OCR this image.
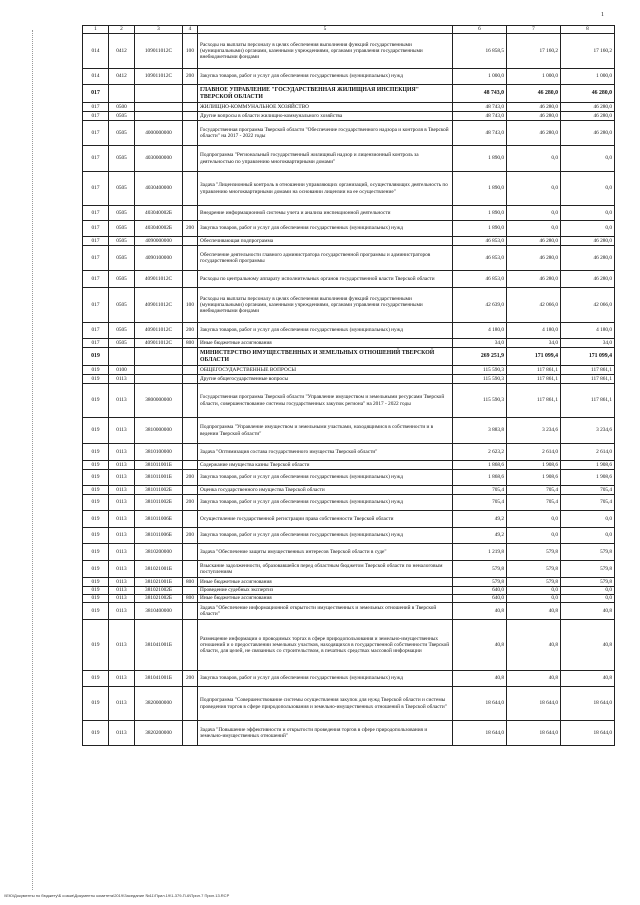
1
1	2	3	4	5	6	7	8
014	0412	109011012С	100	Расходы на выплаты персоналу в целях обеспечения выполнения функций государственными (муниципальными) органами, казенными учреждениями, органами управления государственными внебюджетными фондами	16 858,5	17 160,2	17 160,2
014	0412	109011012С	200	Закупка товаров, работ и услуг для обеспечения государственных (муниципальных) нужд	1 000,0	1 000,0	1 000,0
017				ГЛАВНОЕ УПРАВЛЕНИЕ "ГОСУДАРСТВЕННАЯ ЖИЛИЩНАЯ ИНСПЕКЦИЯ" ТВЕРСКОЙ ОБЛАСТИ	48 743,0	46 280,0	46 280,0
017	0500			ЖИЛИЩНО-КОММУНАЛЬНОЕ ХОЗЯЙСТВО	48 743,0	46 280,0	46 280,0
017	0505			Другие вопросы в области жилищно-коммунального хозяйства	48 743,0	46 280,0	46 280,0
017	0505	4000000000		Государственная программа Тверской области "Обеспечение государственного надзора и контроля в Тверской области" на 2017 - 2022 годы	48 743,0	46 280,0	46 280,0
017	0505	4030000000		Подпрограмма "Региональный государственный жилищный надзор и лицензионный контроль за деятельностью по управлению многоквартирными домами"	1 890,0	0,0	0,0
017	0505	4030400000		Задача "Лицензионный контроль в отношении управляющих организаций, осуществляющих деятельность по управлению многоквартирными домами на основании лицензии на ее осуществление"	1 890,0	0,0	0,0
017	0505	403040002Б		Внедрение информационной системы учета и анализа инспекционной деятельности	1 890,0	0,0	0,0
017	0505	403040002Б	200	Закупка товаров, работ и услуг для обеспечения государственных (муниципальных) нужд	1 890,0	0,0	0,0
017	0505	4090000000		Обеспечивающая подпрограмма	46 853,0	46 280,0	46 280,0
017	0505	4090100000		Обеспечение деятельности главного администратора государственной программы и администраторов государственной программы	46 853,0	46 280,0	46 280,0
017	0505	409011012С		Расходы по центральному аппарату исполнительных органов государственной власти Тверской области	46 853,0	46 280,0	46 280,0
017	0505	409011012С	100	Расходы на выплаты персоналу в целях обеспечения выполнения функций государственными (муниципальными) органами, казенными учреждениями, органами управления государственными внебюджетными фондами	42 639,0	42 066,0	42 066,0
017	0505	409011012С	200	Закупка товаров, работ и услуг для обеспечения государственных (муниципальных) нужд	4 180,0	4 180,0	4 180,0
017	0505	409011012С	800	Иные бюджетные ассигнования	34,0	34,0	34,0
019				МИНИСТЕРСТВО ИМУЩЕСТВЕННЫХ И ЗЕМЕЛЬНЫХ ОТНОШЕНИЙ ТВЕРСКОЙ ОБЛАСТИ	269 251,9	171 099,4	171 099,4
019	0100			ОБЩЕГОСУДАРСТВЕННЫЕ ВОПРОСЫ	115 590,3	117 861,1	117 861,1
019	0113			Другие общегосударственные вопросы	115 590,3	117 861,1	117 861,1
019	0113	3800000000		Государственная программа Тверской области "Управление имуществом и земельными ресурсами Тверской области, совершенствование системы государственных закупок региона" на 2017 - 2022 годы	115 590,3	117 861,1	117 861,1
019	0113	3810000000		Подпрограмма "Управление имуществом и земельными участками, находящимися в собственности и в ведении Тверской области"	3 883,8	3 234,6	3 234,6
019	0113	3810100000		Задача "Оптимизация состава государственного имущества Тверской области"	2 623,2	2 614,0	2 614,0
019	0113	381011001Б		Содержание имущества казны Тверской области	1 868,6	1 908,6	1 908,6
019	0113	381011001Б	200	Закупка товаров, работ и услуг для обеспечения государственных (муниципальных) нужд	1 868,6	1 908,6	1 908,6
019	0113	381011002Б		Оценка государственного имущества Тверской области	705,4	705,4	705,4
019	0113	381011002Б	200	Закупка товаров, работ и услуг для обеспечения государственных (муниципальных) нужд	705,4	705,4	705,4
019	0113	381011006Б		Осуществление государственной регистрации права собственности Тверской области	49,2	0,0	0,0
019	0113	381011006Б	200	Закупка товаров, работ и услуг для обеспечения государственных (муниципальных) нужд	49,2	0,0	0,0
019	0113	3810200000		Задача "Обеспечение защиты имущественных интересов Тверской области в суде"	1 219,8	579,8	579,8
019	0113	381021001Б		Взыскание задолженности, образовавшейся перед областным бюджетом Тверской области по неналоговым поступлениям	579,8	579,8	579,8
019	0113	381021001Б	800	Иные бюджетные ассигнования	579,8	579,8	579,8
019	0113	381021002Б		Проведение судебных экспертиз	640,0	0,0	0,0
019	0113	381021002Б	800	Иные бюджетные ассигнования	640,0	0,0	0,0
019	0113	3810400000		Задача "Обеспечение информационной открытости имущественных и земельных отношений в Тверской области"	40,8	40,8	40,8
019	0113	381041001Б		Размещение информации о проводимых торгах в сфере природопользования и земельно-имущественных отношений и о предоставлении земельных участков, находящихся в государственной собственности Тверской области, для целей, не связанных со строительством, в печатных средствах массовой информации	40,8	40,8	40,8
019	0113	381041001Б	200	Закупка товаров, работ и услуг для обеспечения государственных (муниципальных) нужд	40,8	40,8	40,8
019	0113	3820000000		Подпрограмма "Совершенствование системы осуществления закупок для нужд Тверской области и системы проведения торгов в сфере природопользования и земельно-имущественных отношений в Тверской области"	18 644,0	18 644,0	18 644,0
019	0113	3820200000		Задача "Повышение эффективности и открытости проведения торгов в сфере природопользования и земельно-имущественных отношений"	18 644,0	18 644,0	18 644,0
\\ЕЮ\Документы по бюджету\Б созыв\Документы комитета\2019\Заседание №11\Прил.19\1-379-П-6\Прил.7 Прил.13.RCP
